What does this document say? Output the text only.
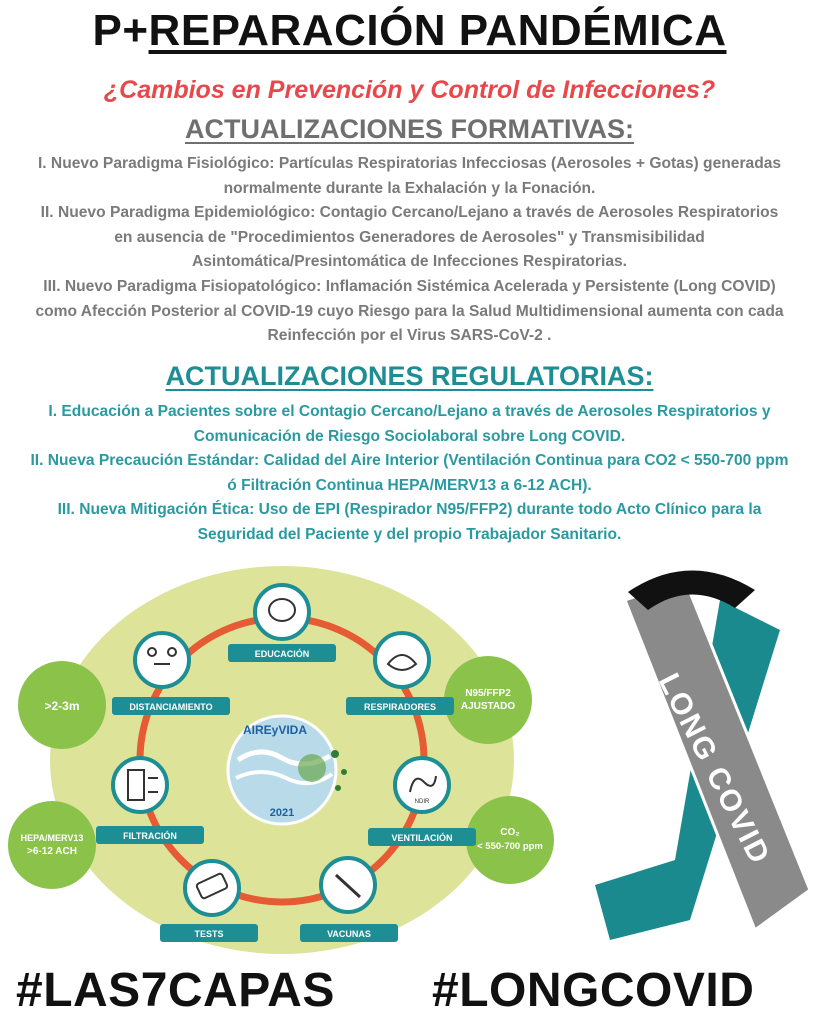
P+REPARACIÓN PANDÉMICA
¿Cambios en Prevención y Control de Infecciones?
ACTUALIZACIONES FORMATIVAS:
I. Nuevo Paradigma Fisiológico: Partículas Respiratorias Infecciosas (Aerosoles + Gotas) generadas normalmente durante la Exhalación y la Fonación.
II. Nuevo Paradigma Epidemiológico: Contagio Cercano/Lejano a través de Aerosoles Respiratorios en ausencia de "Procedimientos Generadores de Aerosoles" y Transmisibilidad Asintomática/Presintomática de Infecciones Respiratorias.
III. Nuevo Paradigma Fisiopatológico: Inflamación Sistémica Acelerada y Persistente (Long COVID) como Afección Posterior al COVID-19 cuyo Riesgo para la Salud Multidimensional aumenta con cada Reinfección por el Virus SARS-CoV-2 .
ACTUALIZACIONES REGULATORIAS:
I. Educación a Pacientes sobre el Contagio Cercano/Lejano a través de Aerosoles Respiratorios y Comunicación de Riesgo Sociolaboral sobre Long COVID.
II. Nueva Precaución Estándar: Calidad del Aire Interior (Ventilación Continua para CO2 < 550-700 ppm ó Filtración Continua HEPA/MERV13 a 6-12 ACH).
III. Nueva Mitigación Ética: Uso de EPI (Respirador N95/FFP2) durante todo Acto Clínico para la Seguridad del Paciente y del propio Trabajador Sanitario.
>2-3m
N95/FFP2
AJUSTADO
HEPA/MERV13
>6-12 ACH
CO₂
< 550-700 ppm
AIREyVIDA
2021
EDUCACIÓN
RESPIRADORES
NDIR
VENTILACIÓN
VACUNAS
TESTS
FILTRACIÓN
DISTANCIAMIENTO	LONG COVID
#LAS7CAPAS #LONGCOVID
